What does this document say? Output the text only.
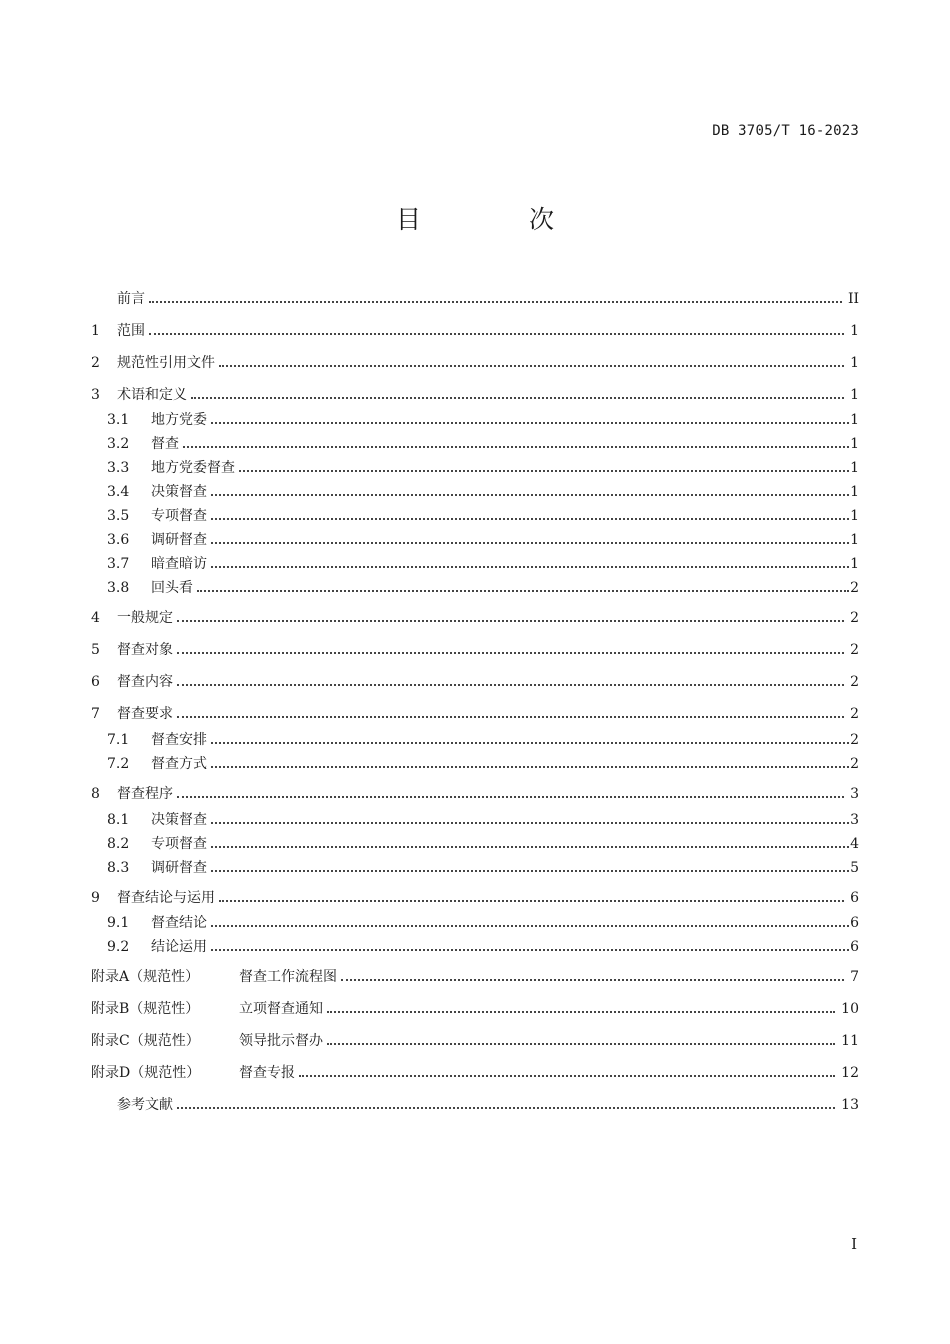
DB 3705/T 16-2023
目 次
前言	II
1	范围	1
2	规范性引用文件	1
3	术语和定义	1
3.1	地方党委	1
3.2	督查	1
3.3	地方党委督查	1
3.4	决策督查	1
3.5	专项督查	1
3.6	调研督查	1
3.7	暗查暗访	1
3.8	回头看	2
4	一般规定	2
5	督查对象	2
6	督查内容	2
7	督查要求	2
7.1	督查安排	2
7.2	督查方式	2
8	督查程序	3
8.1	决策督查	3
8.2	专项督查	4
8.3	调研督查	5
9	督查结论与运用	6
9.1	督查结论	6
9.2	结论运用	6
附录A（规范性）	督查工作流程图	7
附录B（规范性）	立项督查通知	10
附录C（规范性）	领导批示督办	11
附录D（规范性）	督查专报	12
参考文献	13
I
